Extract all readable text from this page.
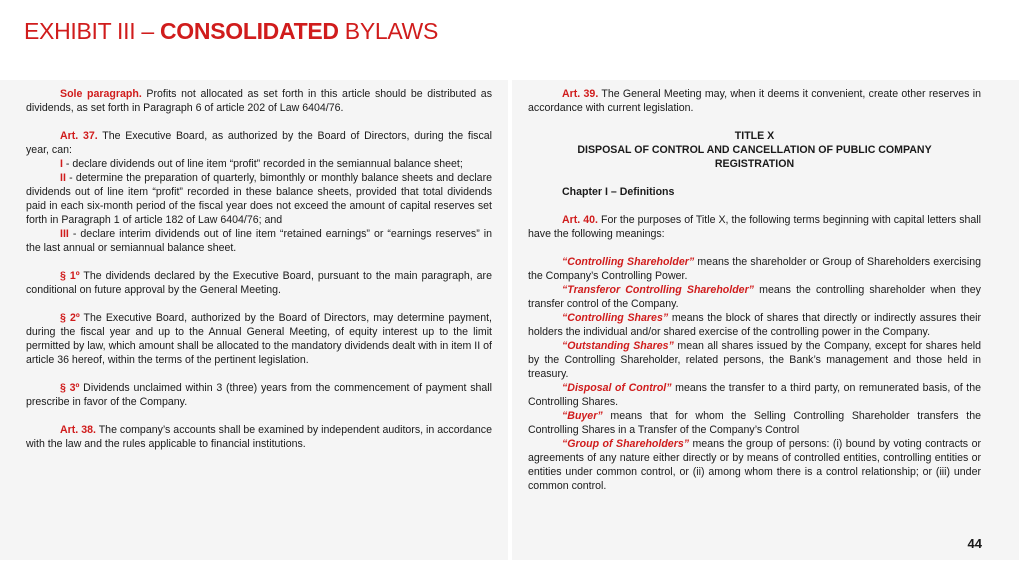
EXHIBIT III – CONSOLIDATED BYLAWS

Sole paragraph. Profits not allocated as set forth in this article should be distributed as dividends, as set forth in Paragraph 6 of article 202 of Law 6404/76.

Art. 37. The Executive Board, as authorized by the Board of Directors, during the fiscal year, can:

I - declare dividends out of line item “profit” recorded in the semiannual balance sheet;

II - determine the preparation of quarterly, bimonthly or monthly balance sheets and declare dividends out of line item “profit” recorded in these balance sheets, provided that total dividends paid in each six-month period of the fiscal year does not exceed the amount of capital reserves set forth in Paragraph 1 of article 182 of Law 6404/76; and

III - declare interim dividends out of line item “retained earnings” or “earnings reserves” in the last annual or semiannual balance sheet.

§ 1º The dividends declared by the Executive Board, pursuant to the main paragraph, are conditional on future approval by the General Meeting.

§ 2º The Executive Board, authorized by the Board of Directors, may determine payment, during the fiscal year and up to the Annual General Meeting, of equity interest up to the limit permitted by law, which amount shall be allocated to the mandatory dividends dealt with in item II of article 36 hereof, within the terms of the pertinent legislation.

§ 3º Dividends unclaimed within 3 (three) years from the commencement of payment shall prescribe in favor of the Company.

Art. 38. The company’s accounts shall be examined by independent auditors, in accordance with the law and the rules applicable to financial institutions.

Art. 39. The General Meeting may, when it deems it convenient, create other reserves in accordance with current legislation.

TITLE X

DISPOSAL OF CONTROL AND CANCELLATION OF PUBLIC COMPANY REGISTRATION

Chapter I – Definitions

Art. 40. For the purposes of Title X, the following terms beginning with capital letters shall have the following meanings:

“Controlling Shareholder” means the shareholder or Group of Shareholders exercising the Company’s Controlling Power.

“Transferor Controlling Shareholder” means the controlling shareholder when they transfer control of the Company.

“Controlling Shares” means the block of shares that directly or indirectly assures their holders the individual and/or shared exercise of the controlling power in the Company.

“Outstanding Shares” mean all shares issued by the Company, except for shares held by the Controlling Shareholder, related persons, the Bank’s management and those held in treasury.

“Disposal of Control” means the transfer to a third party, on remunerated basis, of the Controlling Shares.

“Buyer” means that for whom the Selling Controlling Shareholder transfers the Controlling Shares in a Transfer of the Company’s Control

“Group of Shareholders” means the group of persons: (i) bound by voting contracts or agreements of any nature either directly or by means of controlled entities, controlling entities or entities under common control, or (ii) among whom there is a control relationship; or (iii) under common control.

44
